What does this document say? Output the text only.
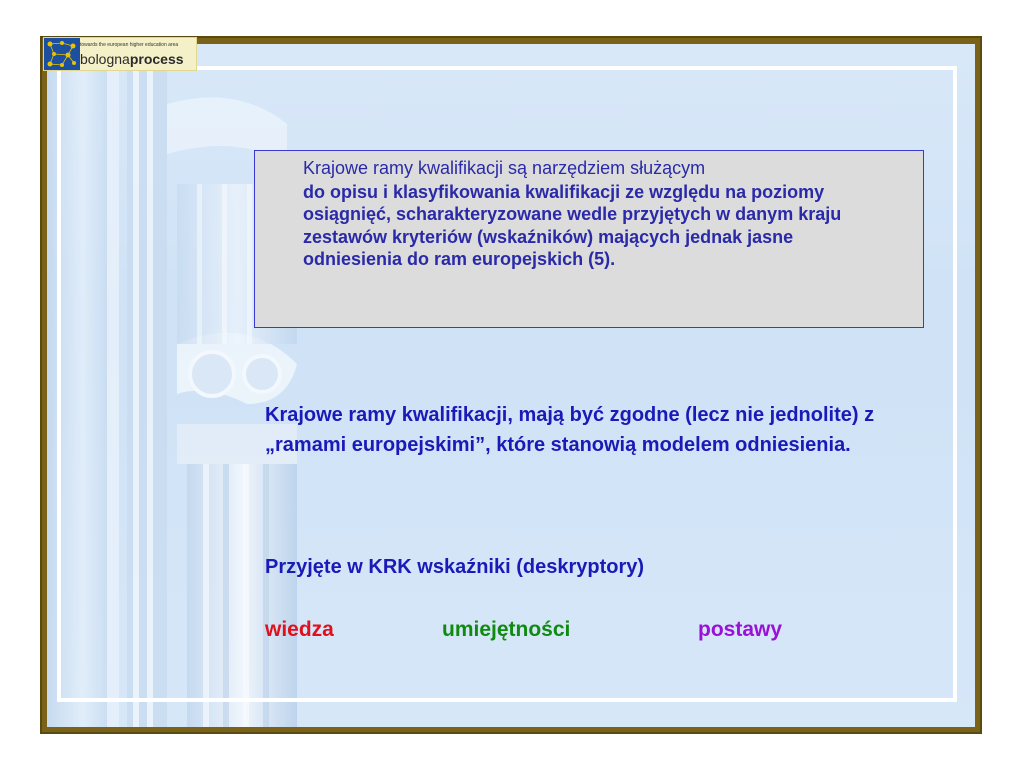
towards the european higher education area
bolognaprocess

Krajowe ramy kwalifikacji są narzędziem służącym

do opisu i klasyfikowania kwalifikacji ze względu na poziomy osiągnięć, scharakteryzowane wedle przyjętych w danym kraju zestawów kryteriów (wskaźników) mających jednak jasne odniesienia do ram europejskich (5).

Krajowe ramy kwalifikacji, mają być zgodne (lecz nie jednolite) z „ramami europejskimi”, które stanowią modelem odniesienia.

Przyjęte w KRK wskaźniki (deskryptory)

wiedza	umiejętności	postawy
